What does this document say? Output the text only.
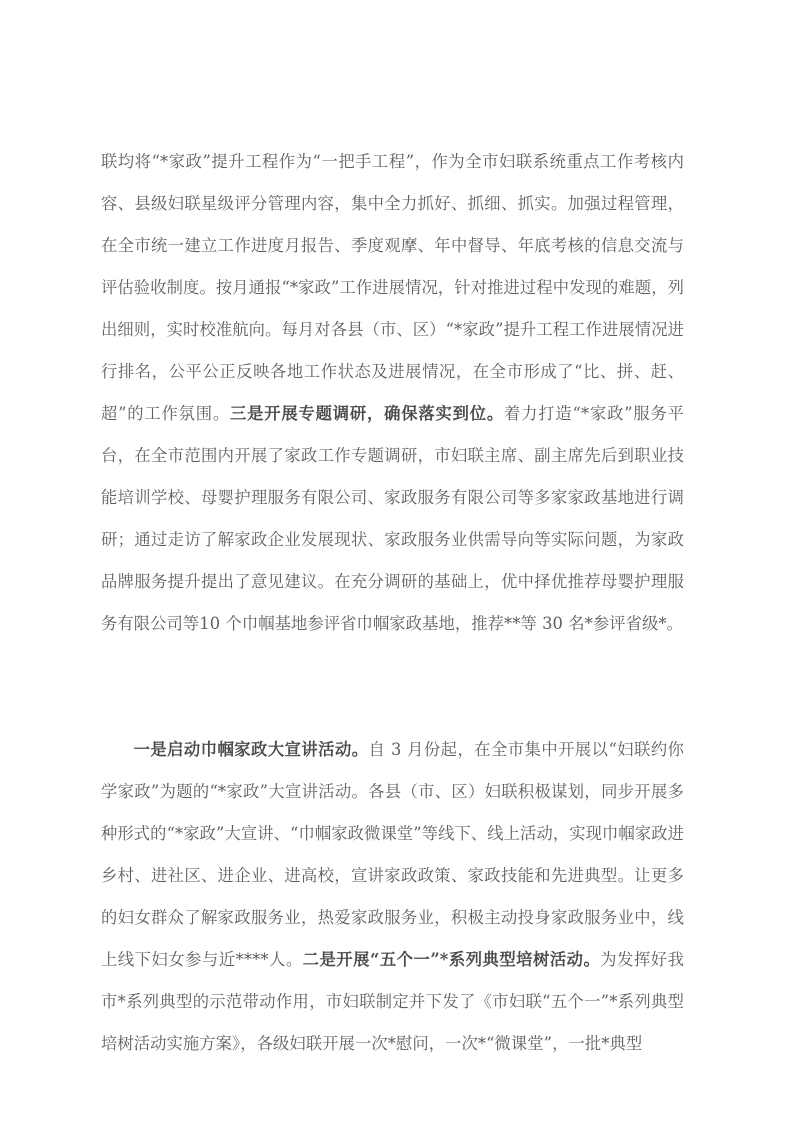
联均将“*家政”提升工程作为“一把手工程”，作为全市妇联系统重点工作考核内容、县级妇联星级评分管理内容，集中全力抓好、抓细、抓实。加强过程管理，在全市统一建立工作进度月报告、季度观摩、年中督导、年底考核的信息交流与评估验收制度。按月通报“*家政”工作进展情况，针对推进过程中发现的难题，列出细则，实时校准航向。每月对各县（市、区）“*家政”提升工程工作进展情况进行排名，公平公正反映各地工作状态及进展情况，在全市形成了“比、拼、赶、超”的工作氛围。三是开展专题调研，确保落实到位。着力打造“*家政”服务平台，在全市范围内开展了家政工作专题调研，市妇联主席、副主席先后到职业技能培训学校、母婴护理服务有限公司、家政服务有限公司等多家家政基地进行调研；通过走访了解家政企业发展现状、家政服务业供需导向等实际问题，为家政品牌服务提升提出了意见建议。在充分调研的基础上，优中择优推荐母婴护理服务有限公司等10 个巾帼基地参评省巾帼家政基地，推荐**等 30 名*参评省级*。

一是启动巾帼家政大宣讲活动。自 3 月份起，在全市集中开展以“妇联约你学家政”为题的“*家政”大宣讲活动。各县（市、区）妇联积极谋划，同步开展多种形式的“*家政”大宣讲、“巾帼家政微课堂”等线下、线上活动，实现巾帼家政进乡村、进社区、进企业、进高校，宣讲家政政策、家政技能和先进典型。让更多的妇女群众了解家政服务业，热爱家政服务业，积极主动投身家政服务业中，线上线下妇女参与近****人。二是开展“五个一”*系列典型培树活动。为发挥好我市*系列典型的示范带动作用，市妇联制定并下发了《市妇联“五个一”*系列典型培树活动实施方案》，各级妇联开展一次*慰问，一次*“微课堂”，一批*典型
